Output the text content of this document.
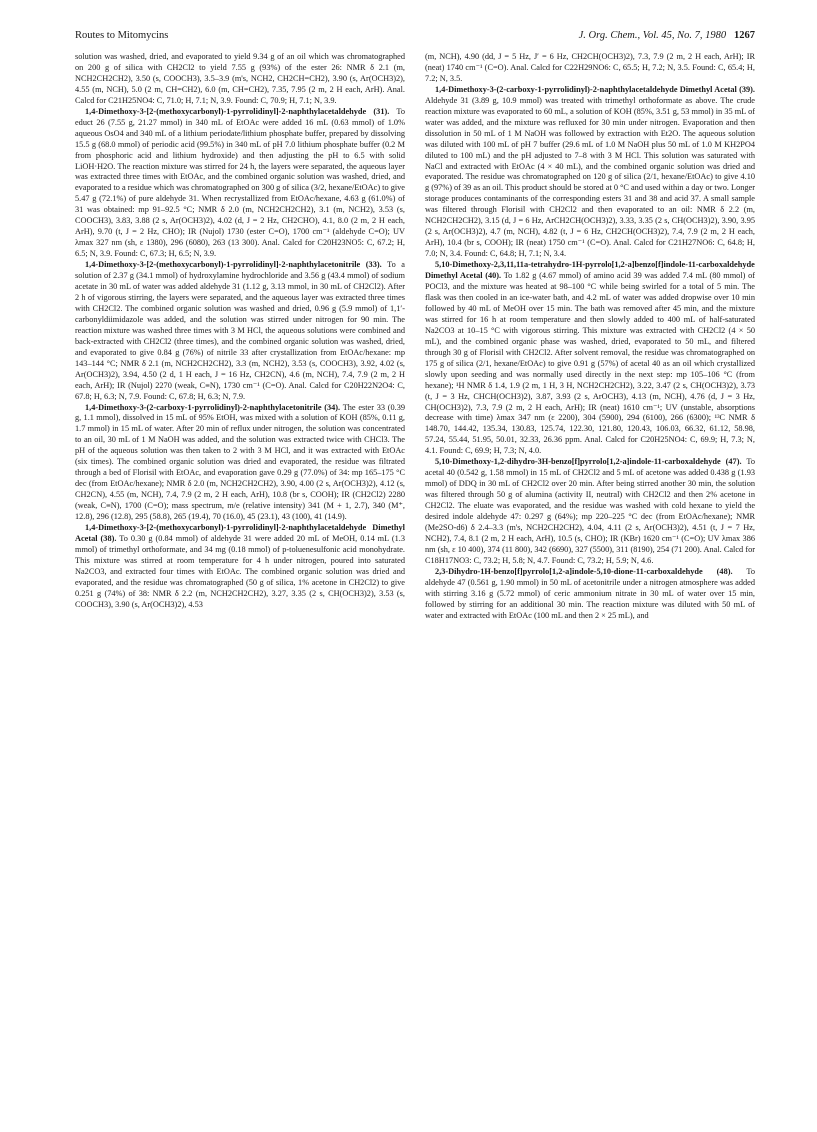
Routes to Mitomycins	J. Org. Chem., Vol. 45, No. 7, 1980 1267

solution was washed, dried, and evaporated to yield 9.34 g of an oil which was chromatographed on 200 g of silica with CH2Cl2 to yield 7.55 g (93%) of the ester 26: NMR δ 2.1 (m, NCH2CH2CH2), 3.50 (s, COOCH3), 3.5–3.9 (m's, NCH2, CH2CH=CH2), 3.90 (s, Ar(OCH3)2), 4.55 (m, NCH), 5.0 (2 m, CH=CH2), 6.0 (m, CH=CH2), 7.35, 7.95 (2 m, 2 H each, ArH). Anal. Calcd for C21H25NO4: C, 71.0; H, 7.1; N, 3.9. Found: C, 70.9; H, 7.1; N, 3.9.

1,4-Dimethoxy-3-[2-(methoxycarbonyl)-1-pyrrolidinyl]-2-naphthylacetaldehyde (31). To educt 26 (7.55 g, 21.27 mmol) in 340 mL of EtOAc were added 16 mL (0.63 mmol) of 1.0% aqueous OsO4 and 340 mL of a lithium periodate/lithium phosphate buffer, prepared by dissolving 15.5 g (68.0 mmol) of periodic acid (99.5%) in 340 mL of pH 7.0 lithium phosphate buffer (0.2 M from phosphoric acid and lithium hydroxide) and then adjusting the pH to 6.5 with solid LiOH·H2O. The reaction mixture was stirred for 24 h, the layers were separated, the aqueous layer was extracted three times with EtOAc, and the combined organic solution was washed, dried, and evaporated to a residue which was chromatographed on 300 g of silica (3/2, hexane/EtOAc) to give 5.47 g (72.1%) of pure aldehyde 31. When recrystallized from EtOAc/hexane, 4.63 g (61.0%) of 31 was obtained: mp 91–92.5 °C; NMR δ 2.0 (m, NCH2CH2CH2), 3.1 (m, NCH2), 3.53 (s, COOCH3), 3.83, 3.88 (2 s, Ar(OCH3)2), 4.02 (d, J = 2 Hz, CH2CHO), 4.1, 8.0 (2 m, 2 H each, ArH), 9.70 (t, J = 2 Hz, CHO); IR (Nujol) 1730 (ester C=O), 1700 cm⁻¹ (aldehyde C=O); UV λmax 327 nm (sh, ε 1380), 296 (6080), 263 (13 300). Anal. Calcd for C20H23NO5: C, 67.2; H, 6.5; N, 3.9. Found: C, 67.3; H, 6.5; N, 3.9.

1,4-Dimethoxy-3-[2-(methoxycarbonyl)-1-pyrrolidinyl]-2-naphthylacetonitrile (33). To a solution of 2.37 g (34.1 mmol) of hydroxylamine hydrochloride and 3.56 g (43.4 mmol) of sodium acetate in 30 mL of water was added aldehyde 31 (1.12 g, 3.13 mmol, in 30 mL of CH2Cl2). After 2 h of vigorous stirring, the layers were separated, and the aqueous layer was extracted three times with CH2Cl2. The combined organic solution was washed and dried, 0.96 g (5.9 mmol) of 1,1′-carbonyldiimidazole was added, and the solution was stirred under nitrogen for 90 min. The reaction mixture was washed three times with 3 M HCl, the aqueous solutions were combined and back-extracted with CH2Cl2 (three times), and the combined organic solution was washed, dried, and evaporated to give 0.84 g (76%) of nitrile 33 after crystallization from EtOAc/hexane: mp 143–144 °C; NMR δ 2.1 (m, NCH2CH2CH2), 3.3 (m, NCH2), 3.53 (s, COOCH3), 3.92, 4.02 (s, Ar(OCH3)2), 3.94, 4.50 (2 d, 1 H each, J = 16 Hz, CH2CN), 4.6 (m, NCH), 7.4, 7.9 (2 m, 2 H each, ArH); IR (Nujol) 2270 (weak, C≡N), 1730 cm⁻¹ (C=O). Anal. Calcd for C20H22N2O4: C, 67.8; H, 6.3; N, 7.9. Found: C, 67.8; H, 6.3; N, 7.9.

1,4-Dimethoxy-3-(2-carboxy-1-pyrrolidinyl)-2-naphthylacetonitrile (34). The ester 33 (0.39 g, 1.1 mmol), dissolved in 15 mL of 95% EtOH, was mixed with a solution of KOH (85%, 0.11 g, 1.7 mmol) in 15 mL of water. After 20 min of reflux under nitrogen, the solution was concentrated to an oil, 30 mL of 1 M NaOH was added, and the solution was extracted twice with CHCl3. The pH of the aqueous solution was then taken to 2 with 3 M HCl, and it was extracted with EtOAc (six times). The combined organic solution was dried and evaporated, the residue was filtrated through a bed of Florisil with EtOAc, and evaporation gave 0.29 g (77.0%) of 34: mp 165–175 °C dec (from EtOAc/hexane); NMR δ 2.0 (m, NCH2CH2CH2), 3.90, 4.00 (2 s, Ar(OCH3)2), 4.12 (s, CH2CN), 4.55 (m, NCH), 7.4, 7.9 (2 m, 2 H each, ArH), 10.8 (br s, COOH); IR (CH2Cl2) 2280 (weak, C≡N), 1700 (C=O); mass spectrum, m/e (relative intensity) 341 (M + 1, 2.7), 340 (M⁺, 12.8), 296 (12.8), 295 (58.8), 265 (19.4), 70 (16.0), 45 (23.1), 43 (100), 41 (14.9).

1,4-Dimethoxy-3-[2-(methoxycarbonyl)-1-pyrrolidinyl]-2-naphthylacetaldehyde Dimethyl Acetal (38). To 0.30 g (0.84 mmol) of aldehyde 31 were added 20 mL of MeOH, 0.14 mL (1.3 mmol) of trimethyl orthoformate, and 34 mg (0.18 mmol) of p-toluenesulfonic acid monohydrate. This mixture was stirred at room temperature for 4 h under nitrogen, poured into saturated Na2CO3, and extracted four times with EtOAc. The combined organic solution was dried and evaporated, and the residue was chromatographed (50 g of silica, 1% acetone in CH2Cl2) to give 0.251 g (74%) of 38: NMR δ 2.2 (m, NCH2CH2CH2), 3.27, 3.35 (2 s, CH(OCH3)2), 3.53 (s, COOCH3), 3.90 (s, Ar(OCH3)2), 4.53

(m, NCH), 4.90 (dd, J = 5 Hz, J′ = 6 Hz, CH2CH(OCH3)2), 7.3, 7.9 (2 m, 2 H each, ArH); IR (neat) 1740 cm⁻¹ (C=O). Anal. Calcd for C22H29NO6: C, 65.5; H, 7.2; N, 3.5. Found: C, 65.4; H, 7.2; N, 3.5.

1,4-Dimethoxy-3-(2-carboxy-1-pyrrolidinyl)-2-naphthylacetaldehyde Dimethyl Acetal (39). Aldehyde 31 (3.89 g, 10.9 mmol) was treated with trimethyl orthoformate as above. The crude reaction mixture was evaporated to 60 mL, a solution of KOH (85%, 3.51 g, 53 mmol) in 35 mL of water was added, and the mixture was refluxed for 30 min under nitrogen. Evaporation and then dissolution in 50 mL of 1 M NaOH was followed by extraction with Et2O. The aqueous solution was diluted with 100 mL of pH 7 buffer (29.6 mL of 1.0 M NaOH plus 50 mL of 1.0 M KH2PO4 diluted to 100 mL) and the pH adjusted to 7–8 with 3 M HCl. This solution was saturated with NaCl and extracted with EtOAc (4 × 40 mL), and the combined organic solution was dried and evaporated. The residue was chromatographed on 120 g of silica (2/1, hexane/EtOAc) to give 4.10 g (97%) of 39 as an oil. This product should be stored at 0 °C and used within a day or two. Longer storage produces contaminants of the corresponding esters 31 and 38 and acid 37. A small sample was filtered through Florisil with CH2Cl2 and then evaporated to an oil: NMR δ 2.2 (m, NCH2CH2CH2), 3.15 (d, J = 6 Hz, ArCH2CH(OCH3)2), 3.33, 3.35 (2 s, CH(OCH3)2), 3.90, 3.95 (2 s, Ar(OCH3)2), 4.7 (m, NCH), 4.82 (t, J = 6 Hz, CH2CH(OCH3)2), 7.4, 7.9 (2 m, 2 H each, ArH), 10.4 (br s, COOH); IR (neat) 1750 cm⁻¹ (C=O). Anal. Calcd for C21H27NO6: C, 64.8; H, 7.0; N, 3.4. Found: C, 64.8; H, 7.1; N, 3.4.

5,10-Dimethoxy-2,3,11,11a-tetrahydro-1H-pyrrolo[1,2-a]benzo[f]indole-11-carboxaldehyde Dimethyl Acetal (40). To 1.82 g (4.67 mmol) of amino acid 39 was added 7.4 mL (80 mmol) of POCl3, and the mixture was heated at 98–100 °C while being swirled for a total of 5 min. The flask was then cooled in an ice-water bath, and 4.2 mL of water was added dropwise over 10 min followed by 40 mL of MeOH over 15 min. The bath was removed after 45 min, and the mixture was stirred for 16 h at room temperature and then slowly added to 400 mL of half-saturated Na2CO3 at 10–15 °C with vigorous stirring. This mixture was extracted with CH2Cl2 (4 × 50 mL), and the combined organic phase was washed, dried, evaporated to 50 mL, and filtered through 30 g of Florisil with CH2Cl2. After solvent removal, the residue was chromatographed on 175 g of silica (2/1, hexane/EtOAc) to give 0.91 g (57%) of acetal 40 as an oil which crystallized slowly upon seeding and was normally used directly in the next step: mp 105–106 °C (from hexane); ¹H NMR δ 1.4, 1.9 (2 m, 1 H, 3 H, NCH2CH2CH2), 3.22, 3.47 (2 s, CH(OCH3)2), 3.73 (t, J = 3 Hz, CHCH(OCH3)2), 3.87, 3.93 (2 s, ArOCH3), 4.13 (m, NCH), 4.76 (d, J = 3 Hz, CH(OCH3)2), 7.3, 7.9 (2 m, 2 H each, ArH); IR (neat) 1610 cm⁻¹; UV (unstable, absorptions decrease with time) λmax 347 nm (ε 2200), 304 (5900), 294 (6100), 266 (6300); ¹³C NMR δ 148.70, 144.42, 135.34, 130.83, 125.74, 122.30, 121.80, 120.43, 106.03, 66.32, 61.12, 58.98, 57.24, 55.44, 51.95, 50.01, 32.33, 26.36 ppm. Anal. Calcd for C20H25NO4: C, 69.9; H, 7.3; N, 4.1. Found: C, 69.9; H, 7.3; N, 4.0.

5,10-Dimethoxy-1,2-dihydro-3H-benzo[f]pyrrolo[1,2-a]indole-11-carboxaldehyde (47). To acetal 40 (0.542 g, 1.58 mmol) in 15 mL of CH2Cl2 and 5 mL of acetone was added 0.438 g (1.93 mmol) of DDQ in 30 mL of CH2Cl2 over 20 min. After being stirred another 30 min, the solution was filtered through 50 g of alumina (activity II, neutral) with CH2Cl2 and then 2% acetone in CH2Cl2. The eluate was evaporated, and the residue was washed with cold hexane to yield the desired indole aldehyde 47: 0.297 g (64%); mp 220–225 °C dec (from EtOAc/hexane); NMR (Me2SO-d6) δ 2.4–3.3 (m's, NCH2CH2CH2), 4.04, 4.11 (2 s, Ar(OCH3)2), 4.51 (t, J = 7 Hz, NCH2), 7.4, 8.1 (2 m, 2 H each, ArH), 10.5 (s, CHO); IR (KBr) 1620 cm⁻¹ (C=O); UV λmax 386 nm (sh, ε 10 400), 374 (11 800), 342 (6690), 327 (5500), 311 (8190), 254 (71 200). Anal. Calcd for C18H17NO3: C, 73.2; H, 5.8; N, 4.7. Found: C, 73.2; H, 5.9; N, 4.6.

2,3-Dihydro-1H-benzo[f]pyrrolo[1,2-a]indole-5,10-dione-11-carboxaldehyde (48). To aldehyde 47 (0.561 g, 1.90 mmol) in 50 mL of acetonitrile under a nitrogen atmosphere was added with stirring 3.16 g (5.72 mmol) of ceric ammonium nitrate in 30 mL of water over 15 min, followed by stirring for an additional 30 min. The reaction mixture was diluted with 50 mL of water and extracted with EtOAc (100 mL and then 2 × 25 mL), and
